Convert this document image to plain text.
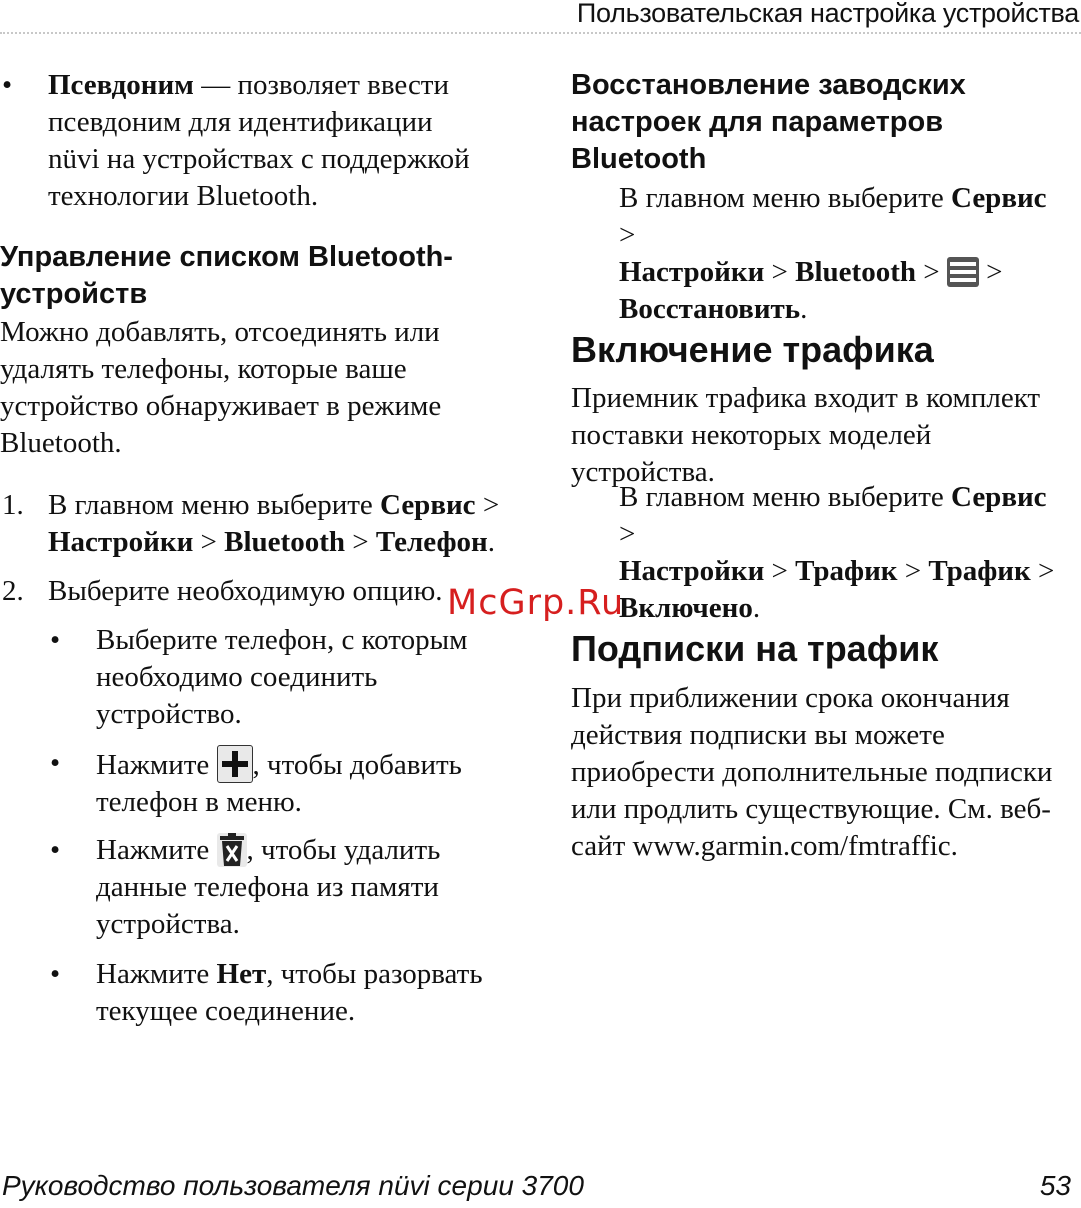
Пользовательская настройка устройства
• Псевдоним — позволяет ввести псевдоним для идентификации nüvi на устройствах с поддержкой технологии Bluetooth.
Управление списком Bluetooth-устройств
Можно добавлять, отсоединять или удалять телефоны, которые ваше устройство обнаруживает в режиме Bluetooth.
1. В главном меню выберите Сервис >
Настройки > Bluetooth > Телефон.
2. Выберите необходимую опцию.
• Выберите телефон, с которым необходимо соединить устройство.
• Нажмите
, чтобы добавить телефон в меню.
• Нажмите
, чтобы удалить данные телефона из памяти устройства.
• Нажмите Нет, чтобы разорвать текущее соединение.
Восстановление заводских настроек для параметров Bluetooth
В главном меню выберите Сервис >
Настройки > Bluetooth > >
Восстановить.
Включение трафика
Приемник трафика входит в комплект поставки некоторых моделей устройства.
В главном меню выберите Сервис >
Настройки > Трафик > Трафик >
Включено.
Подписки на трафик
При приближении срока окончания действия подписки вы можете приобрести дополнительные подписки или продлить существующие. См. веб-сайт www.garmin.com/fmtraffic.
McGrp.Ru
Руководство пользователя nüvi серии 3700	53
